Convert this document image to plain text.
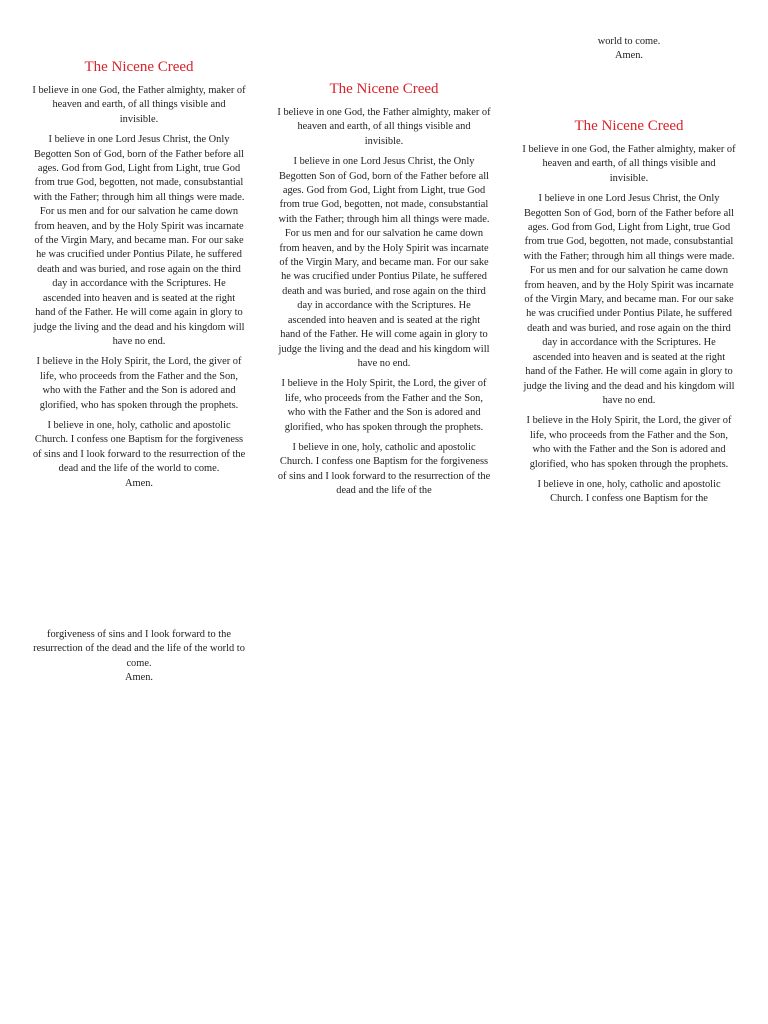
The Nicene Creed

I believe in one God, the Father almighty, maker of heaven and earth, of all things visible and invisible.

I believe in one Lord Jesus Christ, the Only Begotten Son of God, born of the Father before all ages. God from God, Light from Light, true God from true God, begotten, not made, consubstantial with the Father; through him all things were made. For us men and for our salvation he came down from heaven, and by the Holy Spirit was incarnate of the Virgin Mary, and became man. For our sake he was crucified under Pontius Pilate, he suffered death and was buried, and rose again on the third day in accordance with the Scriptures. He ascended into heaven and is seated at the right hand of the Father. He will come again in glory to judge the living and the dead and his kingdom will have no end.

I believe in the Holy Spirit, the Lord, the giver of life, who proceeds from the Father and the Son, who with the Father and the Son is adored and glorified, who has spoken through the prophets.

I believe in one, holy, catholic and apostolic Church. I confess one Baptism for the forgiveness of sins and I look forward to the resurrection of the dead and the life of the world to come.

Amen.

The Nicene Creed

I believe in one God, the Father almighty, maker of heaven and earth, of all things visible and invisible.

I believe in one Lord Jesus Christ, the Only Begotten Son of God, born of the Father before all ages. God from God, Light from Light, true God from true God, begotten, not made, consubstantial with the Father; through him all things were made. For us men and for our salvation he came down from heaven, and by the Holy Spirit was incarnate of the Virgin Mary, and became man. For our sake he was crucified under Pontius Pilate, he suffered death and was buried, and rose again on the third day in accordance with the Scriptures. He ascended into heaven and is seated at the right hand of the Father. He will come again in glory to judge the living and the dead and his kingdom will have no end.

I believe in the Holy Spirit, the Lord, the giver of life, who proceeds from the Father and the Son, who with the Father and the Son is adored and glorified, who has spoken through the prophets.

I believe in one, holy, catholic and apostolic Church. I confess one Baptism for the forgiveness of sins and I look forward to the resurrection of the dead and the life of the

The Nicene Creed

I believe in one God, the Father almighty, maker of heaven and earth, of all things visible and invisible.

I believe in one Lord Jesus Christ, the Only Begotten Son of God, born of the Father before all ages. God from God, Light from Light, true God from true God, begotten, not made, consubstantial with the Father; through him all things were made. For us men and for our salvation he came down from heaven, and by the Holy Spirit was incarnate of the Virgin Mary, and became man. For our sake he was crucified under Pontius Pilate, he suffered death and was buried, and rose again on the third day in accordance with the Scriptures. He ascended into heaven and is seated at the right hand of the Father. He will come again in glory to judge the living and the dead and his kingdom will have no end.

I believe in the Holy Spirit, the Lord, the giver of life, who proceeds from the Father and the Son, who with the Father and the Son is adored and glorified, who has spoken through the prophets.

I believe in one, holy, catholic and apostolic Church. I confess one Baptism for the

forgiveness of sins and I look forward to the resurrection of the dead and the life of the world to come.

Amen.

world to come.

Amen.
